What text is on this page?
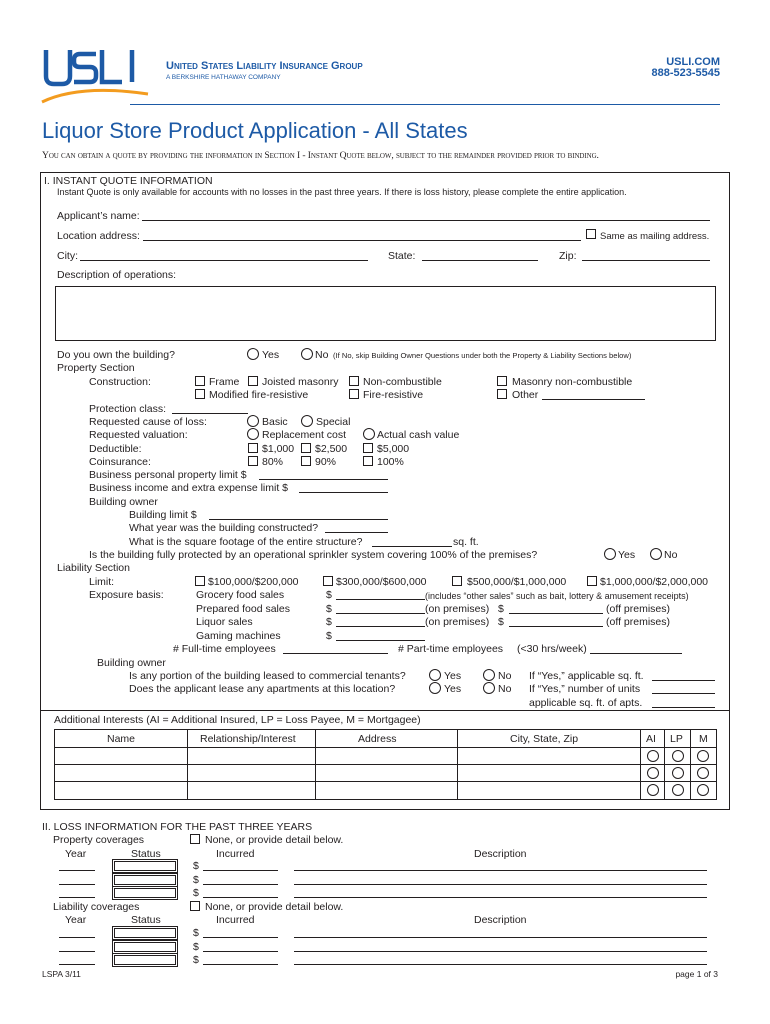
United States Liability Insurance Group
A BERKSHIRE HATHAWAY COMPANY
USLI.COM
888-523-5545
Liquor Store Product Application - All States
You can obtain a quote by providing the information in Section I - Instant Quote below, subject to the remainder provided prior to binding.
I. INSTANT QUOTE INFORMATION
Instant Quote is only available for accounts with no losses in the past three years. If there is loss history, please complete the entire application.
Applicant’s name:
Location address:	Same as mailing address.
City:	State:	Zip:
Description of operations:
Do you own the building?	Yes	No (If No, skip Building Owner Questions under both the Property & Liability Sections below)
Property Section
Construction:	Frame Joisted masonry Non-combustible	Masonry non-combustible
Modified fire-resistive	Fire-resistive	Other
Protection class:
Requested cause of loss:	Basic	Special
Requested valuation:	Replacement cost	Actual cash value
Deductible:	$1,000 $2,500	$5,000
Coinsurance:	80%	90%	100%
Business personal property limit $
Business income and extra expense limit $
Building owner
Building limit $
What year was the building constructed?
What is the square footage of the entire structure?	sq. ft.
Is the building fully protected by an operational sprinkler system covering 100% of the premises?	Yes	No
Liability Section
Limit:	$100,000/$200,000	$300,000/$600,000	$500,000/$1,000,000	$1,000,000/$2,000,000
Exposure basis:	Grocery food sales	$	(includes “other sales” such as bait, lottery & amusement receipts)
Prepared food sales	$	(on premises) $	(off premises)
Liquor sales	$	(on premises) $	(off premises)
Gaming machines	$
# Full-time employees	# Part-time employees (<30 hrs/week)
Building owner
Is any portion of the building leased to commercial tenants?	Yes	No If “Yes,” applicable sq. ft.
Does the applicant lease any apartments at this location?	Yes	No If “Yes,” number of units
applicable sq. ft. of apts.
Additional Interests (AI = Additional Insured, LP = Loss Payee, M = Mortgagee)
Name	Relationship/Interest	Address	City, State, Zip	AI LP M
II. LOSS INFORMATION FOR THE PAST THREE YEARS
Property coverages	None, or provide detail below.
Year	Status	Incurred	Description
$
$
$
Liability coverages	None, or provide detail below.
Year	Status	Incurred	Description
$
$
$
LSPA 3/11	page 1 of 3
